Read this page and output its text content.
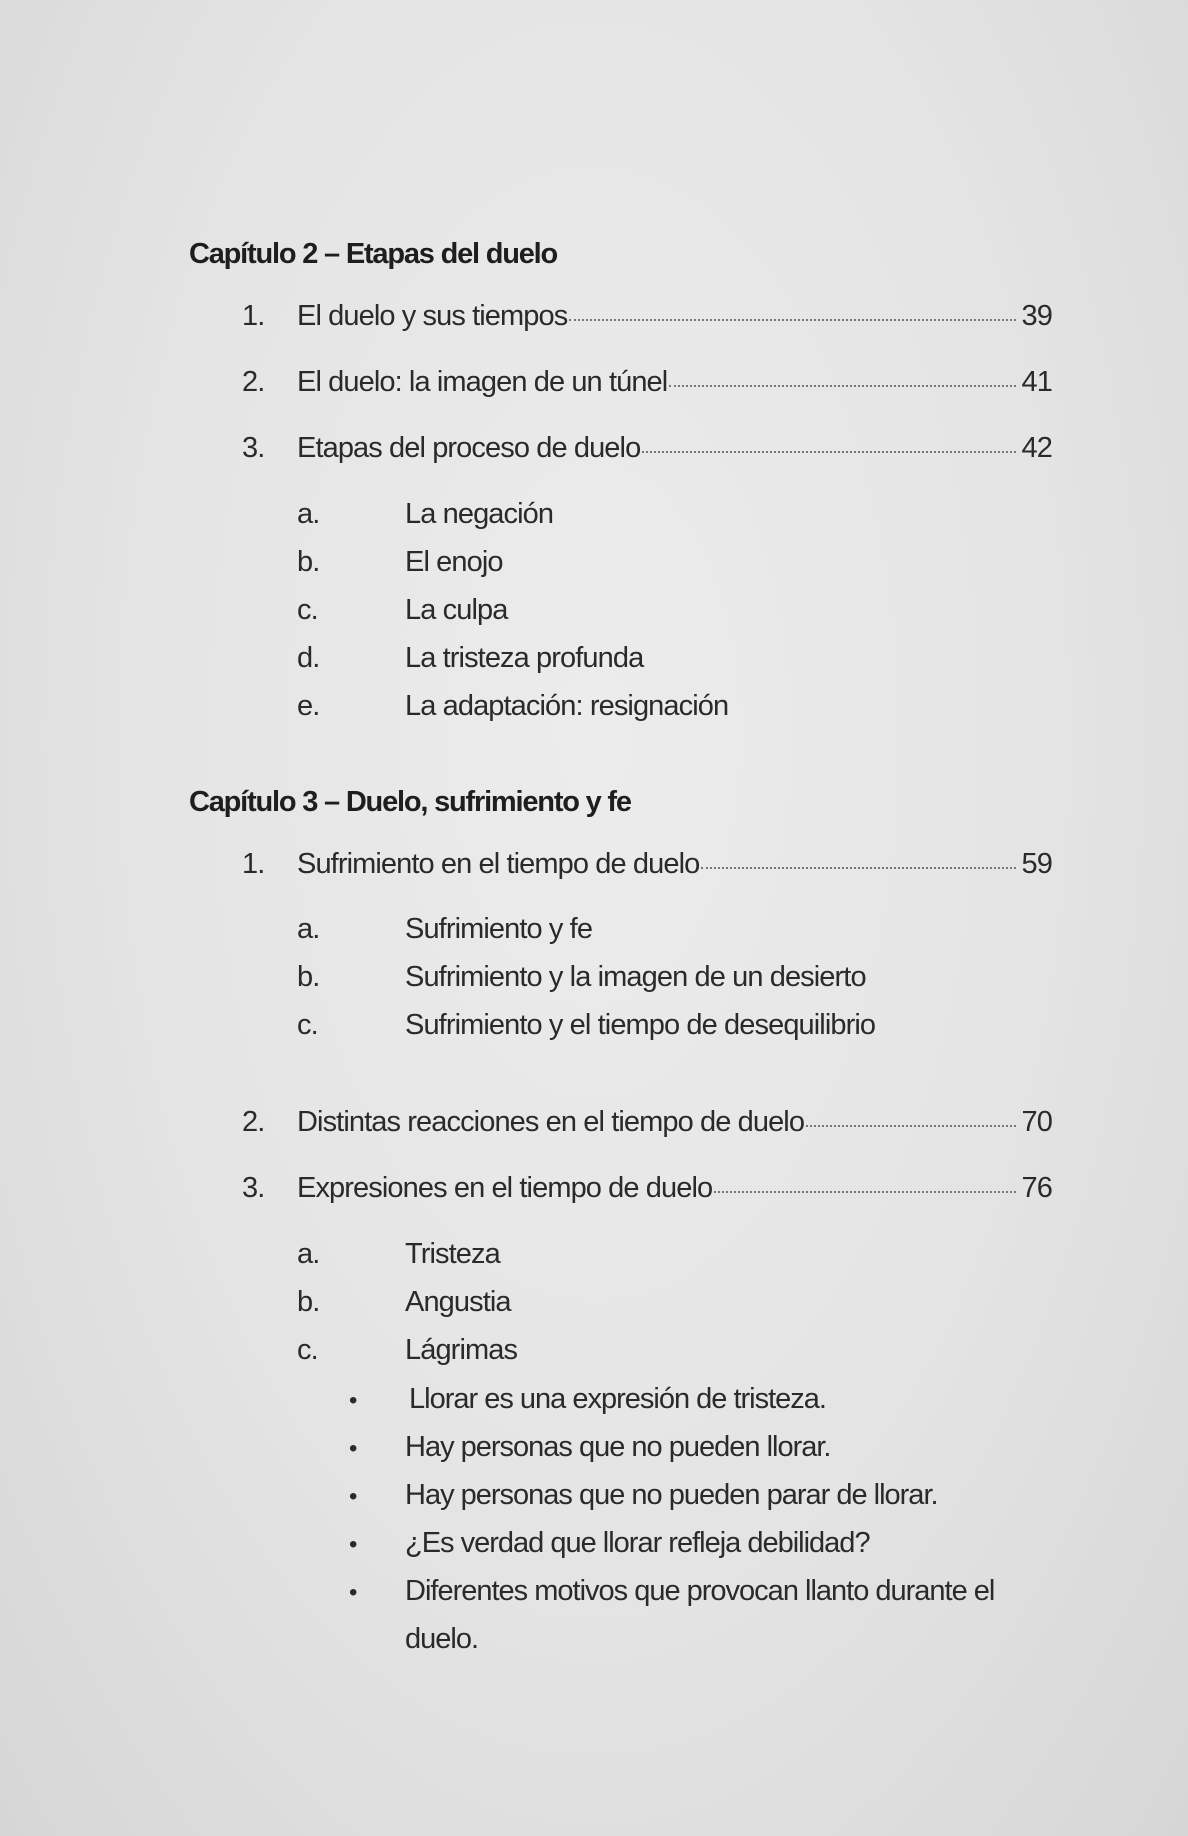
Capítulo 2 – Etapas del duelo
1.	El duelo y sus tiempos	39
2.	El duelo: la imagen de un túnel	41
3.	Etapas del proceso de duelo	42
a.	La negación
b.	El enojo
c.	La culpa
d.	La tristeza profunda
e.	La adaptación: resignación
Capítulo 3 – Duelo, sufrimiento y fe
1.	Sufrimiento en el tiempo de duelo	59
a.	Sufrimiento y fe
b.	Sufrimiento y la imagen de un desierto
c.	Sufrimiento y el tiempo de desequilibrio
2.	Distintas reacciones en el tiempo de duelo	70
3.	Expresiones en el tiempo de duelo	76
a.	Tristeza
b.	Angustia
c.	Lágrimas
•	Llorar es una expresión de tristeza.
•	Hay personas que no pueden llorar.
•	Hay personas que no pueden parar de llorar.
•	¿Es verdad que llorar refleja debilidad?
•	Diferentes motivos que provocan llanto durante el duelo.
